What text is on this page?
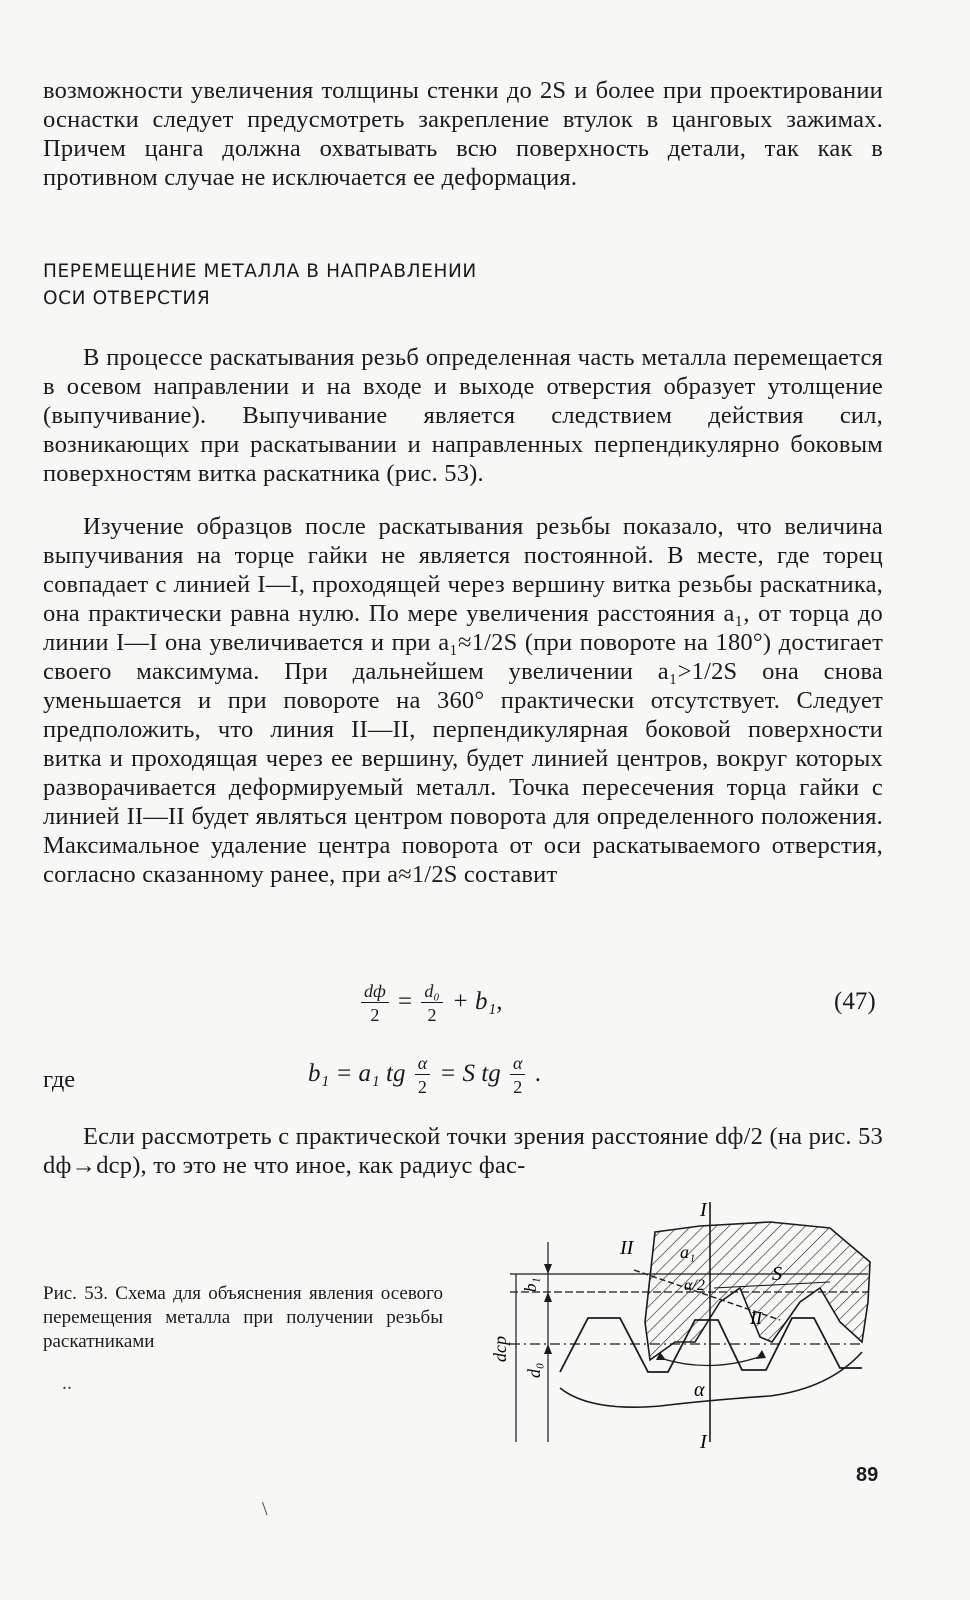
возможности увеличения толщины стенки до 2S и более при проектировании оснастки следует предусмотреть закрепление втулок в цанговых зажимах. Причем цанга должна охватывать всю поверхность детали, так как в противном случае не исключается ее деформация.

ПЕРЕМЕЩЕНИЕ МЕТАЛЛА В НАПРАВЛЕНИИ
ОСИ ОТВЕРСТИЯ

В процессе раскатывания резьб определенная часть металла перемещается в осевом направлении и на входе и выходе отверстия образует утолщение (выпучивание). Выпучивание является следствием действия сил, возникающих при раскатывании и направленных перпендикулярно боковым поверхностям витка раскатника (рис. 53).

Изучение образцов после раскатывания резьбы показало, что величина выпучивания на торце гайки не является постоянной. В месте, где торец совпадает с линией I—I, проходящей через вершину витка резьбы раскатника, она практически равна нулю. По мере увеличения расстояния a₁, от торца до линии I—I она увеличивается и при a₁≈1/2S (при повороте на 180°) достигает своего максимума. При дальнейшем увеличении a₁>1/2S она снова уменьшается и при повороте на 360° практически отсутствует. Следует предположить, что линия II—II, перпендикулярная боковой поверхности витка и проходящая через ее вершину, будет линией центров, вокруг которых разворачивается деформируемый металл. Точка пересечения торца гайки с линией II—II будет являться центром поворота для определенного положения. Максимальное удаление центра поворота от оси раскатываемого отверстия, согласно сказанному ранее, при a≈1/2S составит

$\frac{dф}{2} = \frac{\text{d₀}}{2} + b_1$,	(47)
где	b₁ = a₁ tg $\frac{\alpha}{2} = S$ tg $\frac{\alpha}{2}$ .

Если рассмотреть с практической точки зрения расстояние dф/2 (на рис. 53 dф→dср), то это не что иное, как радиус фас-

Рис. 53. Схема для объяснения явления осевого перемещения металла при получении резьбы раскатниками

I
I
II
II
a₁
α/2
S
b₁
d₀
dср
α
..
\
89
